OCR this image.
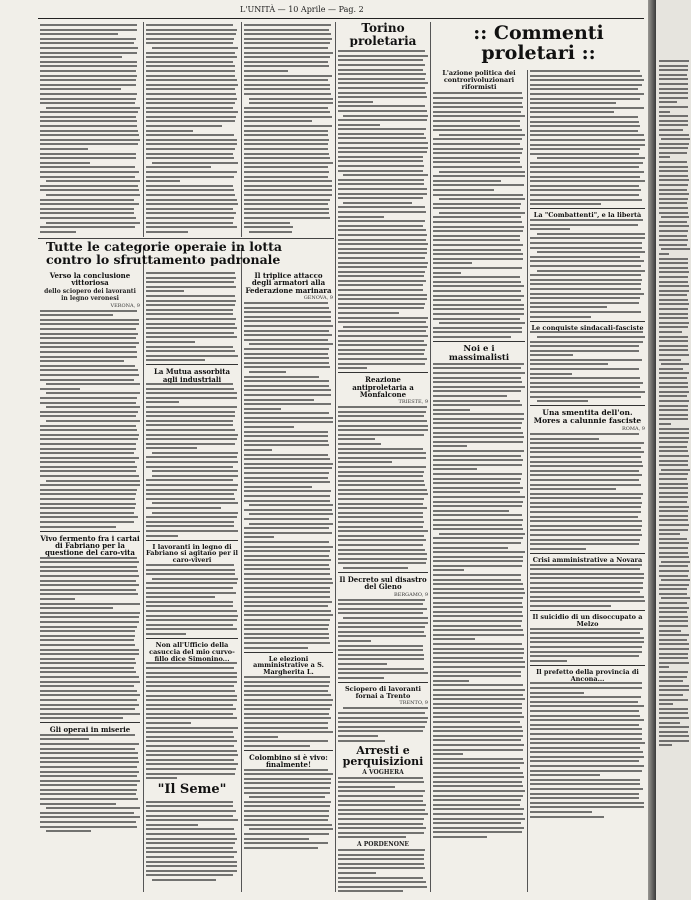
L'UNITÀ — 10 Aprile — Pag. 2
Tutte le categorie operaie in lotta contro lo sfruttamento padronale
Verso la conclusione vittoriosa
dello sciopero dei lavoranti in legno veronesi
VERONA, 9
Vivo fermento fra i cartai di Fabriano per la questione del caro-vita
Gli operai in miserie
La Mutua assorbita agli industriali
I lavoranti in legno di Fabriano si agitano per il caro-viveri
Non all'Ufficio della casuccia del mio curvo-fillo dice Simonino...
"Il Seme"
Il triplice attacco degli armatori alla Federazione marinara
GENOVA, 9
Le elezioni amministrative a S. Margherita L.
Colombino si è vivo: finalmente!
Torino proletaria
Reazione antiproletaria a Monfalcone
TRIESTE, 9
Il Decreto sul disastro del Gleno
BERGAMO, 9
Sciopero di lavoranti fornai a Trento
TRENTO, 9
Arresti e perquisizioni
A VOGHERA
A PORDENONE
:: Commenti proletari ::
L'azione politica dei controrivoluzionari riformisti
Noi e i massimalisti
La "Combattenti", e la libertà
Le conquiste sindacali-fasciste
Una smentita dell'on. Mores a calunnie fasciste
ROMA, 9
Crisi amministrative a Novara
Il suicidio di un disoccupato a Melzo
Il prefetto della provincia di Ancona...
